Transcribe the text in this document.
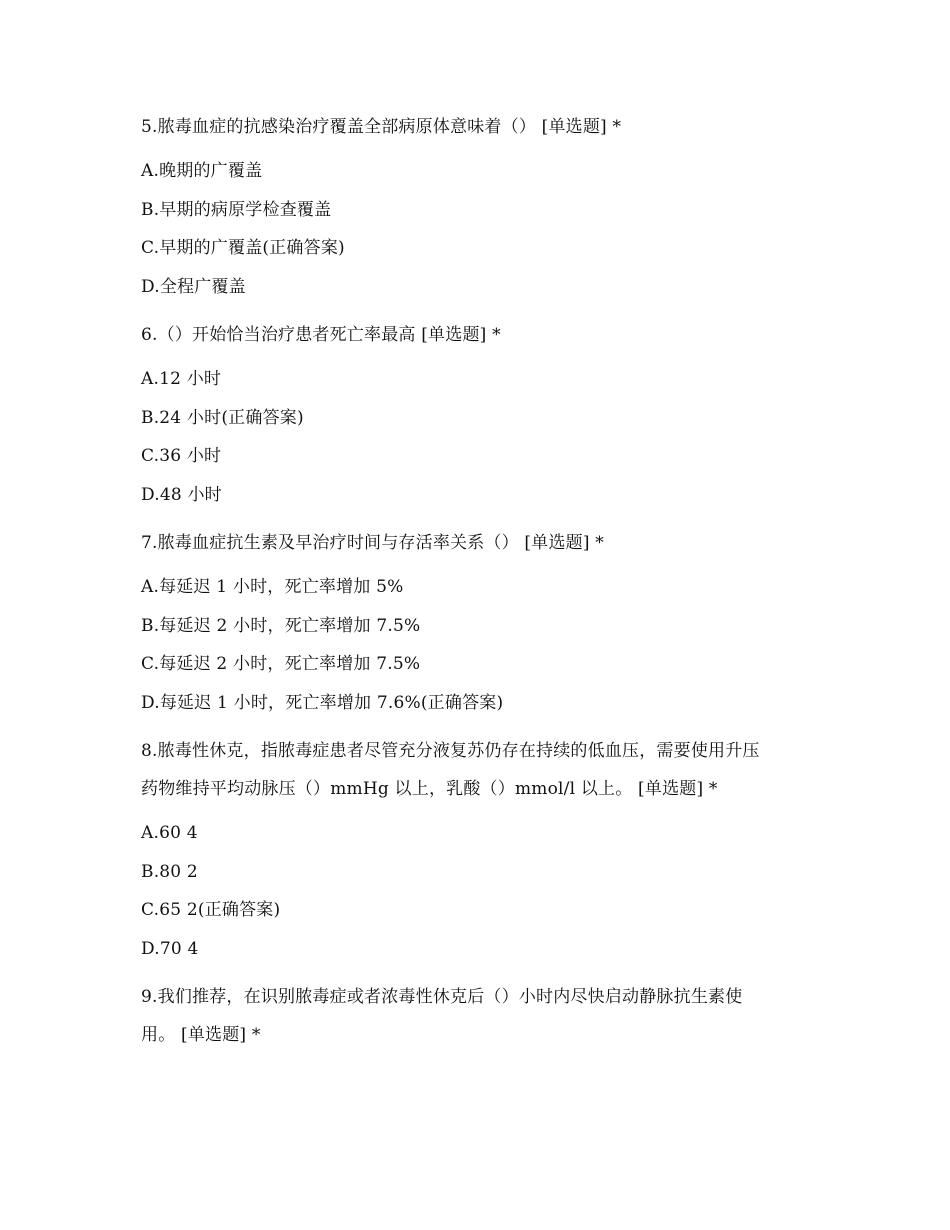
5.脓毒血症的抗感染治疗覆盖全部病原体意味着（） [单选题] *
A.晚期的广覆盖
B.早期的病原学检查覆盖
C.早期的广覆盖(正确答案)
D.全程广覆盖
6.（）开始恰当治疗患者死亡率最高 [单选题] *
A.12 小时
B.24 小时(正确答案)
C.36 小时
D.48 小时
7.脓毒血症抗生素及早治疗时间与存活率关系（） [单选题] *
A.每延迟 1 小时，死亡率增加 5%
B.每延迟 2 小时，死亡率增加 7.5%
C.每延迟 2 小时，死亡率增加 7.5%
D.每延迟 1 小时，死亡率增加 7.6%(正确答案)
8.脓毒性休克，指脓毒症患者尽管充分液复苏仍存在持续的低血压，需要使用升压
药物维持平均动脉压（）mmHg 以上，乳酸（）mmol/l 以上。 [单选题] *
A.60 4
B.80 2
C.65 2(正确答案)
D.70 4
9.我们推荐，在识别脓毒症或者浓毒性休克后（）小时内尽快启动静脉抗生素使
用。 [单选题] *
